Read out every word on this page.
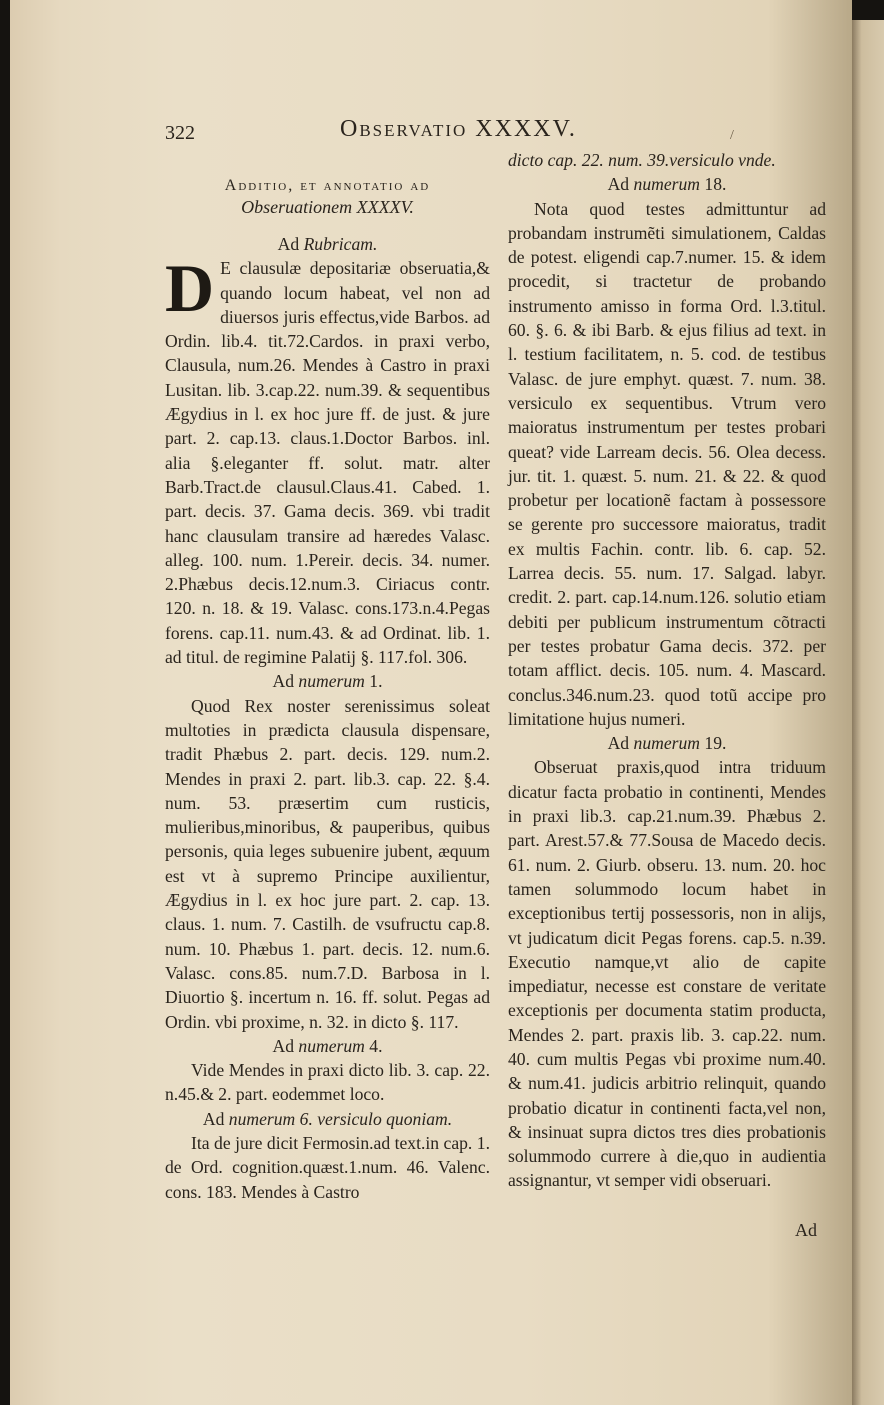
322	Observatio XXXXV.	/
Additio, et annotatio ad
Obseruationem XXXXV.
Ad Rubricam.
D E clausulæ depositariæ obseruatia,& quando locum habeat, vel non ad diuersos juris effectus,vide Barbos. ad Ordin. lib.4. tit.72.Cardos. in praxi verbo, Clausula, num.26. Mendes à Castro in praxi Lusitan. lib. 3.cap.22. num.39. & sequentibus Ægydius in l. ex hoc jure ff. de just. & jure part. 2. cap.13. claus.1.Doctor Barbos. inl. alia §.eleganter ff. solut. matr. alter Barb.Tract.de clausul.Claus.41. Cabed. 1. part. decis. 37. Gama decis. 369. vbi tradit hanc clausulam transire ad hæredes Valasc. alleg. 100. num. 1.Pereir. decis. 34. numer. 2.Phæbus decis.12.num.3. Ciriacus contr. 120. n. 18. & 19. Valasc. cons.173.n.4.Pegas forens. cap.11. num.43. & ad Ordinat. lib. 1. ad titul. de regimine Palatij §. 117.fol. 306.

Ad numerum 1.

Quod Rex noster serenissimus soleat multoties in prædicta clausula dispensare, tradit Phæbus 2. part. decis. 129. num.2. Mendes in praxi 2. part. lib.3. cap. 22. §.4. num. 53. præsertim cum rusticis, mulieribus,minoribus, & pauperibus, quibus personis, quia leges subuenire jubent, æquum est vt à supremo Principe auxilientur, Ægydius in l. ex hoc jure part. 2. cap. 13. claus. 1. num. 7. Castilh. de vsufructu cap.8. num. 10. Phæbus 1. part. decis. 12. num.6. Valasc. cons.85. num.7.D. Barbosa in l. Diuortio §. incertum n. 16. ff. solut. Pegas ad Ordin. vbi proxime, n. 32. in dicto §. 117.

Ad numerum 4.

Vide Mendes in praxi dicto lib. 3. cap. 22. n.45.& 2. part. eodemmet loco.

Ad numerum 6. versiculo quoniam.

Ita de jure dicit Fermosin.ad text.in cap. 1. de Ord. cognition.quæst.1.num. 46. Valenc. cons. 183. Mendes à Castro

dicto cap. 22. num. 39.versiculo vnde.

Ad numerum 18.

Nota quod testes admittuntur ad probandam instrumẽti simulationem, Caldas de potest. eligendi cap.7.numer. 15. & idem procedit, si tractetur de probando instrumento amisso in forma Ord. l.3.titul. 60. §. 6. & ibi Barb. & ejus filius ad text. in l. testium facilitatem, n. 5. cod. de testibus Valasc. de jure emphyt. quæst. 7. num. 38. versiculo ex sequentibus. Vtrum vero maioratus instrumentum per testes probari queat? vide Larream decis. 56. Olea decess. jur. tit. 1. quæst. 5. num. 21. & 22. & quod probetur per locationẽ factam à possessore se gerente pro successore maioratus, tradit ex multis Fachin. contr. lib. 6. cap. 52. Larrea decis. 55. num. 17. Salgad. labyr. credit. 2. part. cap.14.num.126. solutio etiam debiti per publicum instrumentum cõtracti per testes probatur Gama decis. 372. per totam afflict. decis. 105. num. 4. Mascard. conclus.346.num.23. quod totũ accipe pro limitatione hujus numeri.

Ad numerum 19.

Obseruat praxis,quod intra triduum dicatur facta probatio in continenti, Mendes in praxi lib.3. cap.21.num.39. Phæbus 2. part. Arest.57.& 77.Sousa de Macedo decis. 61. num. 2. Giurb. obseru. 13. num. 20. hoc tamen solummodo locum habet in exceptionibus tertij possessoris, non in alijs, vt judicatum dicit Pegas forens. cap.5. n.39. Executio namque,vt alio de capite impediatur, necesse est constare de veritate exceptionis per documenta statim producta, Mendes 2. part. praxis lib. 3. cap.22. num. 40. cum multis Pegas vbi proxime num.40. & num.41. judicis arbitrio relinquit, quando probatio dicatur in continenti facta,vel non, & insinuat supra dictos tres dies probationis solummodo currere à die,quo in audientia assignantur, vt semper vidi obseruari.

Ad
